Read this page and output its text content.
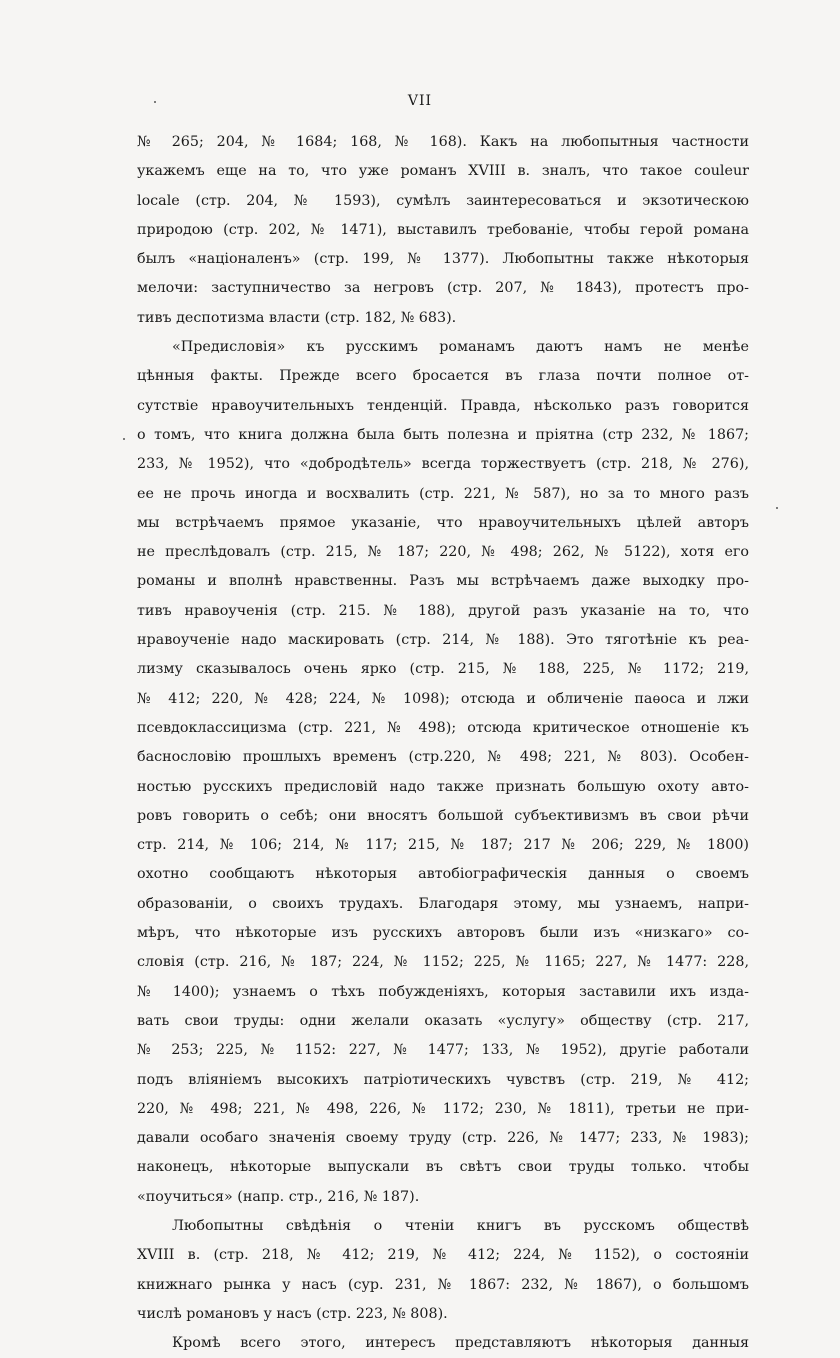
VII
№ 265; 204, № 1684; 168, № 168). Какъ на любопытныя частности
укажемъ еще на то, что уже романъ XVIII в. зналъ, что такое couleur
locale (стр. 204, № 1593), сумѣлъ заинтересоваться и экзотическою
природою (стр. 202, № 1471), выставилъ требованіе, чтобы герой романа
былъ «націоналенъ» (стр. 199, № 1377). Любопытны также нѣкоторыя
мелочи: заступничество за негровъ (стр. 207, № 1843), протестъ про-
тивъ деспотизма власти (стр. 182, № 683).
«Предисловія» къ русскимъ романамъ даютъ намъ не менѣе
цѣнныя факты. Прежде всего бросается въ глаза почти полное от-
сутствіе нравоучительныхъ тенденцій. Правда, нѣсколько разъ говорится
о томъ, что книга должна была быть полезна и пріятна (стр 232, № 1867;
233, № 1952), что «добродѣтель» всегда торжествуетъ (стр. 218, № 276),
ее не прочь иногда и восхвалить (стр. 221, № 587), но за то много разъ
мы встрѣчаемъ прямое указаніе, что нравоучительныхъ цѣлей авторъ
не преслѣдовалъ (стр. 215, № 187; 220, № 498; 262, № 5122), хотя его
романы и вполнѣ нравственны. Разъ мы встрѣчаемъ даже выходку про-
тивъ нравоученія (стр. 215. № 188), другой разъ указаніе на то, что
нравоученіе надо маскировать (стр. 214, № 188). Это тяготѣніе къ реа-
лизму сказывалось очень ярко (стр. 215, № 188, 225, № 1172; 219,
№ 412; 220, № 428; 224, № 1098); отсюда и обличеніе паѳоса и лжи
псевдоклассицизма (стр. 221, № 498); отсюда критическое отношеніе къ
баснословію прошлыхъ временъ (стр.220, № 498; 221, № 803). Особен-
ностью русскихъ предисловій надо также признать большую охоту авто-
ровъ говорить о себѣ; они вносятъ большой субъективизмъ въ свои рѣчи
стр. 214, № 106; 214, № 117; 215, № 187; 217 № 206; 229, № 1800)
охотно сообщаютъ нѣкоторыя автобіографическія данныя о своемъ
образованіи, о своихъ трудахъ. Благодаря этому, мы узнаемъ, напри-
мѣръ, что нѣкоторые изъ русскихъ авторовъ были изъ «низкаго» со-
словія (стр. 216, № 187; 224, № 1152; 225, № 1165; 227, № 1477: 228,
№ 1400); узнаемъ о тѣхъ побужденіяхъ, которыя заставили ихъ изда-
вать свои труды: одни желали оказать «услугу» обществу (стр. 217,
№ 253; 225, № 1152: 227, № 1477; 133, № 1952), другіе работали
подъ вліяніемъ высокихъ патріотическихъ чувствъ (стр. 219, № 412;
220, № 498; 221, № 498, 226, № 1172; 230, № 1811), третьи не при-
давали особаго значенія своему труду (стр. 226, № 1477; 233, № 1983);
наконецъ, нѣкоторые выпускали въ свѣтъ свои труды только. чтобы
«поучиться» (напр. стр., 216, № 187).
Любопытны свѣдѣнія о чтеніи книгъ въ русскомъ обществѣ
XVIII в. (стр. 218, № 412; 219, № 412; 224, № 1152), о состояніи
книжнаго рынка у насъ (сур. 231, № 1867: 232, № 1867), о большомъ
числѣ романовъ у насъ (стр. 223, № 808).
Кромѣ всего этого, интересъ представляютъ нѣкоторыя данныя
